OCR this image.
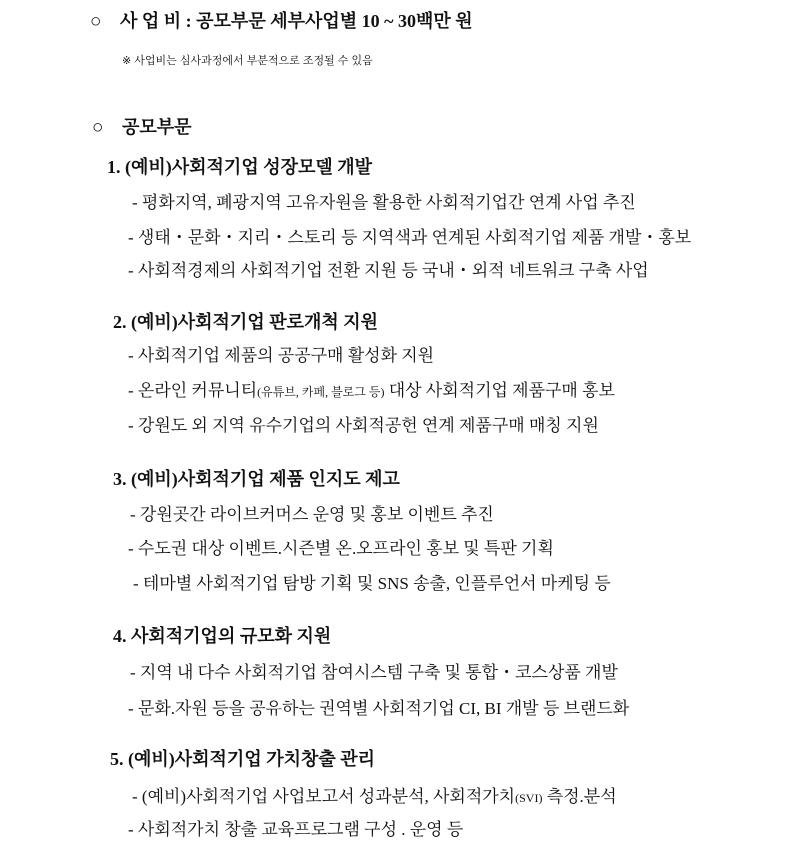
○ 사 업 비 : 공모부문 세부사업별 10 ~ 30백만 원
※ 사업비는 심사과정에서 부분적으로 조정될 수 있음
○ 공모부문
1. (예비)사회적기업 성장모델 개발
- 평화지역, 폐광지역 고유자원을 활용한 사회적기업간 연계 사업 추진
- 생태・문화・지리・스토리 등 지역색과 연계된 사회적기업 제품 개발・홍보
- 사회적경제의 사회적기업 전환 지원 등 국내・외적 네트워크 구축 사업
2. (예비)사회적기업 판로개척 지원
- 사회적기업 제품의 공공구매 활성화 지원
- 온라인 커뮤니티(유튜브, 카페, 블로그 등) 대상 사회적기업 제품구매 홍보
- 강원도 외 지역 유수기업의 사회적공헌 연계 제품구매 매칭 지원
3. (예비)사회적기업 제품 인지도 제고
- 강원곳간 라이브커머스 운영 및 홍보 이벤트 추진
- 수도권 대상 이벤트.시즌별 온.오프라인 홍보 및 특판 기획
- 테마별 사회적기업 탐방 기획 및 SNS 송출, 인플루언서 마케팅 등
4. 사회적기업의 규모화 지원
- 지역 내 다수 사회적기업 참여시스템 구축 및 통합・코스상품 개발
- 문화.자원 등을 공유하는 권역별 사회적기업 CI, BI 개발 등 브랜드화
5. (예비)사회적기업 가치창출 관리
- (예비)사회적기업 사업보고서 성과분석, 사회적가치(SVI) 측정.분석
- 사회적가치 창출 교육프로그램 구성 . 운영 등
